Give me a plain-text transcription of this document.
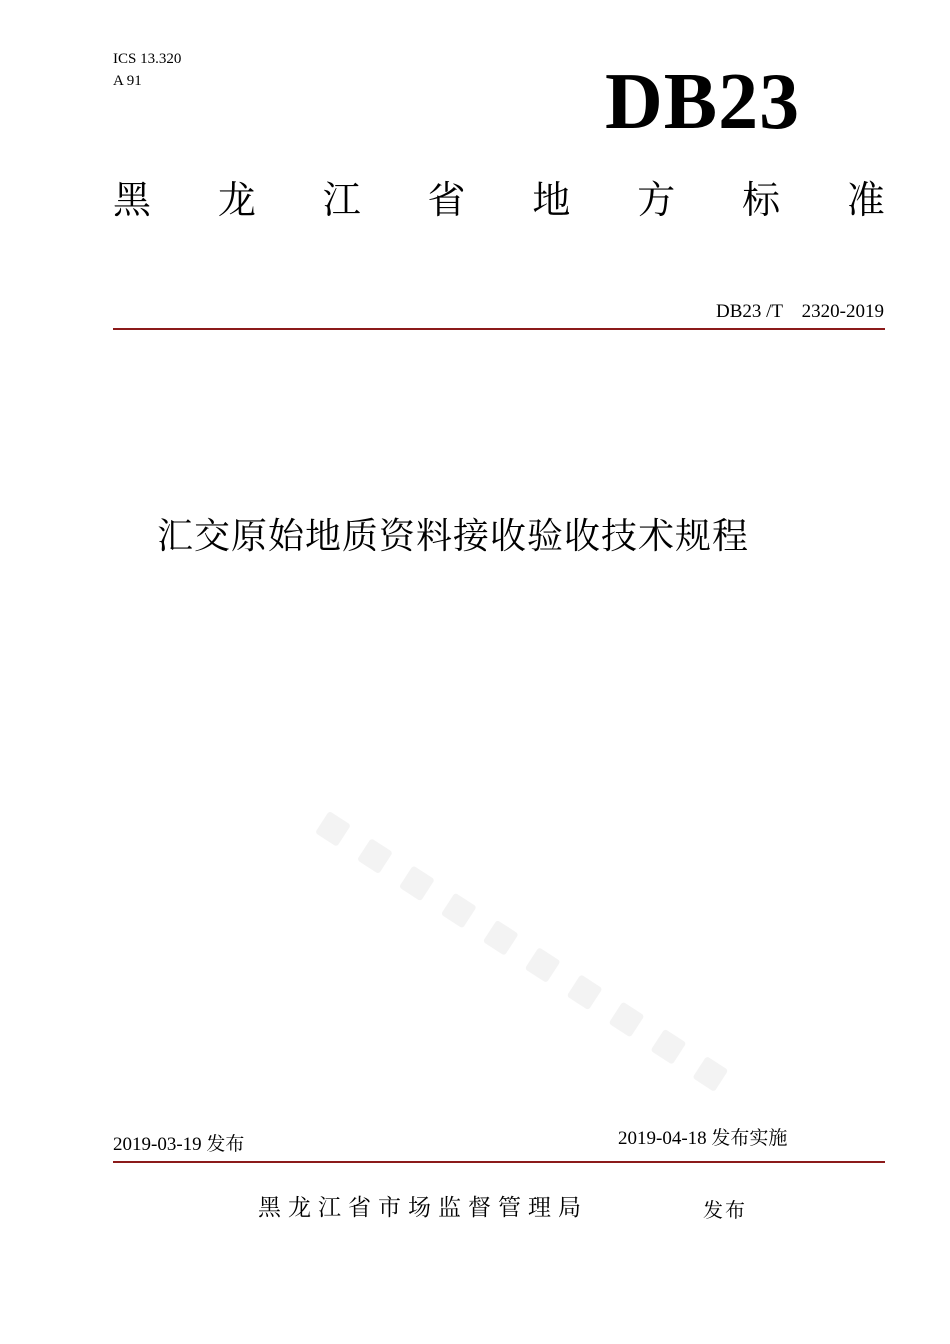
ICS 13.320
A 91	DB23
黑 龙 江 省 地 方 标 准
DB23 /T    2320-2019
汇交原始地质资料接收验收技术规程
2019-03-19 发布	2019-04-18 发布实施
黑龙江省市场监督管理局	发布
